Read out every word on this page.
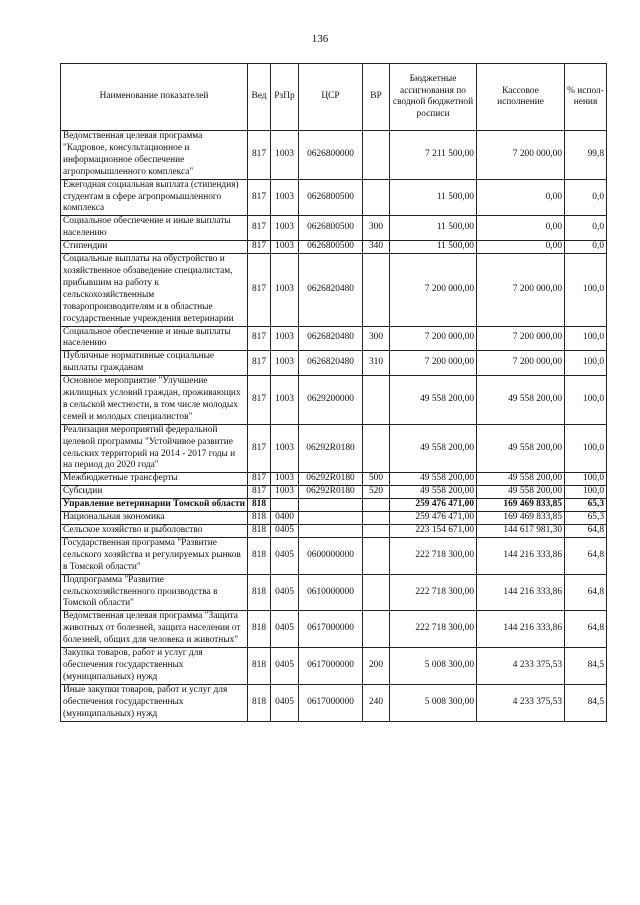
136
Наименование показателей	Вед	РзПр	ЦСР	ВР	Бюджетные ассигнования по сводной бюджетной росписи	Кассовое исполнение	% испол-нения
Ведомственная целевая программа "Кадровое, консультационное и информационное обеспечение агропромышленного комплекса"	817	1003	0626800000		7 211 500,00	7 200 000,00	99,8
Ежегодная социальная выплата (стипендия) студентам в сфере агропромышленного комплекса	817	1003	0626800500		11 500,00	0,00	0,0
Социальное обеспечение и иные выплаты населению	817	1003	0626800500	300	11 500,00	0,00	0,0
Стипендии	817	1003	0626800500	340	11 500,00	0,00	0,0
Социальные выплаты на обустройство и хозяйственное обзаведение специалистам, прибывшим на работу к сельскохозяйственным товаропроизводителям и в областные государственные учреждения ветеринарии	817	1003	0626820480		7 200 000,00	7 200 000,00	100,0
Социальное обеспечение и иные выплаты населению	817	1003	0626820480	300	7 200 000,00	7 200 000,00	100,0
Публичные нормативные социальные выплаты гражданам	817	1003	0626820480	310	7 200 000,00	7 200 000,00	100,0
Основное мероприятие "Улучшение жилищных условий граждан, проживающих в сельской местности, в том числе молодых семей и молодых специалистов"	817	1003	0629200000		49 558 200,00	49 558 200,00	100,0
Реализация мероприятий федеральной целевой программы "Устойчивое развитие сельских территорий на 2014 - 2017 годы и на период до 2020 года"	817	1003	06292R0180		49 558 200,00	49 558 200,00	100,0
Межбюджетные трансферты	817	1003	06292R0180	500	49 558 200,00	49 558 200,00	100,0
Субсидии	817	1003	06292R0180	520	49 558 200,00	49 558 200,00	100,0
Управление ветеринарии Томской области	818				259 476 471,00	169 469 833,85	65,3
Национальная экономика	818	0400			259 476 471,00	169 469 833,85	65,3
Сельское хозяйство и рыболовство	818	0405			223 154 671,00	144 617 981,30	64,8
Государственная программа "Развитие сельского хозяйства и регулируемых рынков в Томской области"	818	0405	0600000000		222 718 300,00	144 216 333,86	64,8
Подпрограмма "Развитие сельскохозяйственного производства в Томской области"	818	0405	0610000000		222 718 300,00	144 216 333,86	64,8
Ведомственная целевая программа "Защита животных от болезней, защита населения от болезней, общих для человека и животных"	818	0405	0617000000		222 718 300,00	144 216 333,86	64,8
Закупка товаров, работ и услуг для обеспечения государственных (муниципальных) нужд	818	0405	0617000000	200	5 008 300,00	4 233 375,53	84,5
Иные закупки товаров, работ и услуг для обеспечения государственных (муниципальных) нужд	818	0405	0617000000	240	5 008 300,00	4 233 375,53	84,5
